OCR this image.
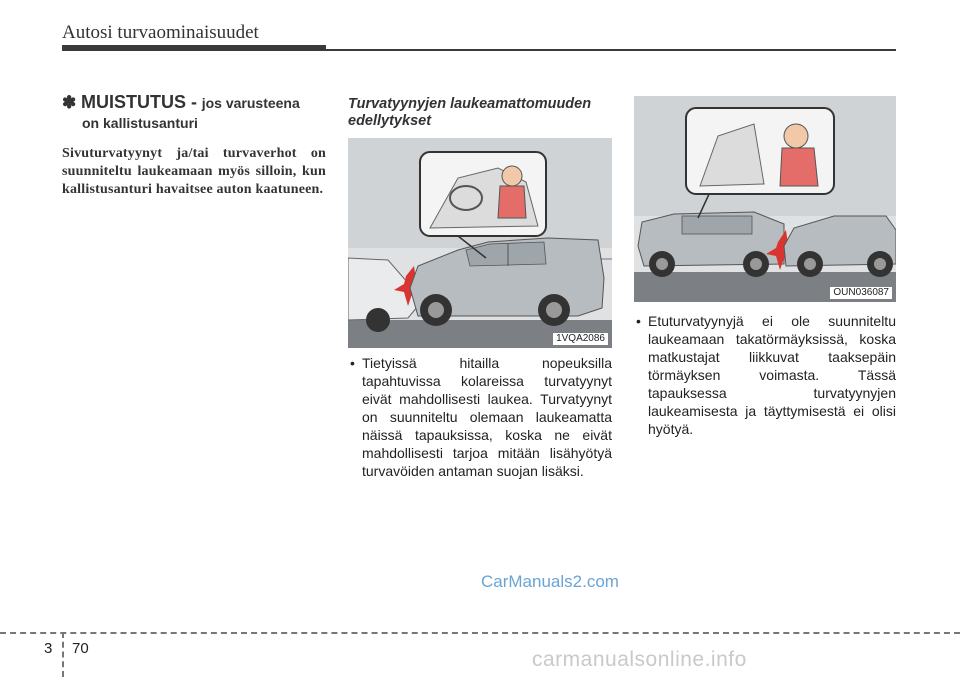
Autosi turvaominaisuudet
✽ MUISTUTUS - jos varusteena
on kallistusanturi
Sivuturvatyynyt ja/tai turvaverhot on suunniteltu laukeamaan myös silloin, kun kallistusanturi havaitsee auton kaatuneen.
Turvatyynyjen laukeamattomuuden edellytykset
1VQA2086
OUN036087
• Tietyissä hitailla nopeuksilla tapahtuvissa kolareissa turvatyynyt eivät mahdollisesti laukea. Turvatyynyt on suunniteltu olemaan laukeamatta näissä tapauksissa, koska ne eivät mahdollisesti tarjoa mitään lisähyötyä turvavöiden antaman suojan lisäksi.
• Etuturvatyynyjä ei ole suunniteltu laukeamaan takatörmäyksissä, koska matkustajat liikkuvat taaksepäin törmäyksen voimasta. Tässä tapauksessa turvatyynyjen laukeamisesta ja täyttymisestä ei olisi hyötyä.
CarManuals2.com
3 70	carmanualsonline.info
